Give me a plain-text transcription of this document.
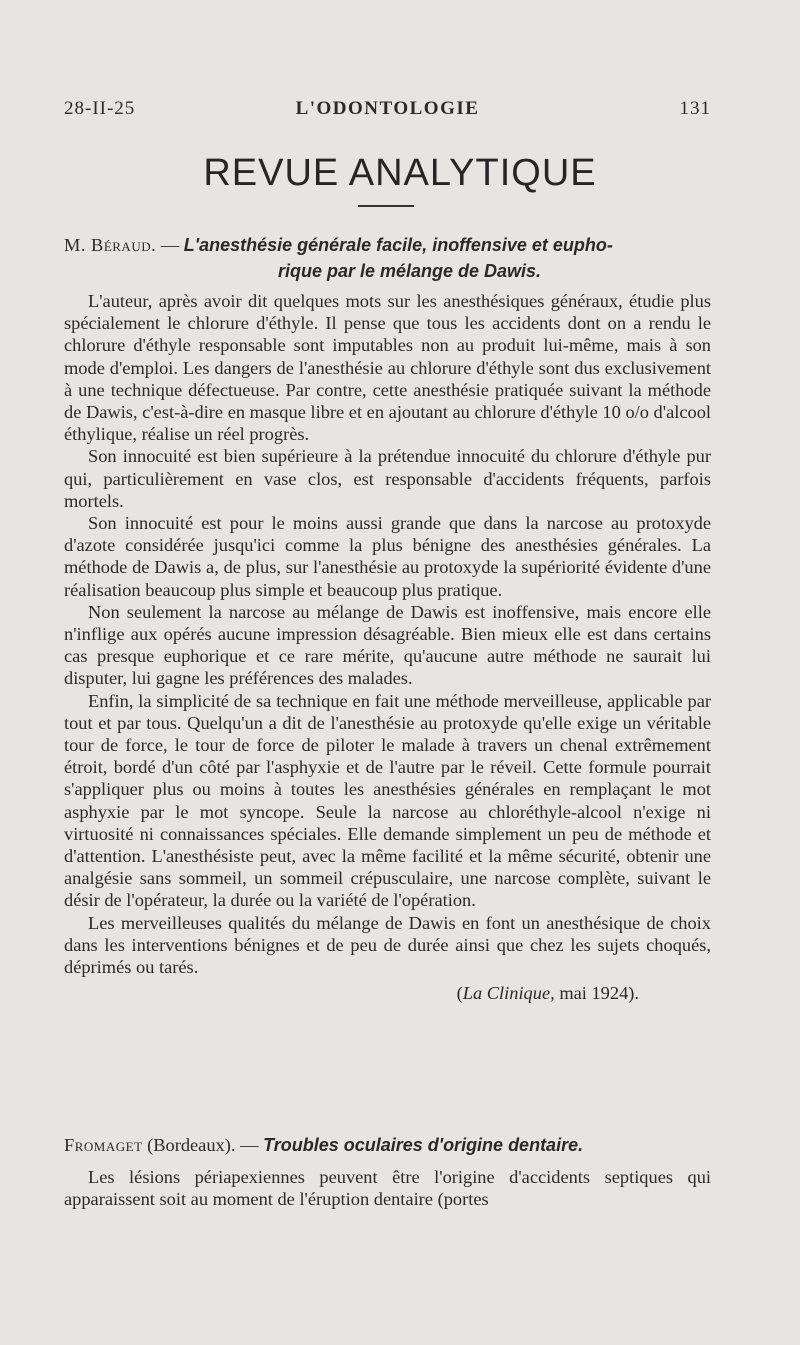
28-II-25	L'ODONTOLOGIE	131
REVUE ANALYTIQUE
M. Béraud. — L'anesthésie générale facile, inoffensive et eupho-
rique par le mélange de Dawis.

L'auteur, après avoir dit quelques mots sur les anesthésiques généraux, étudie plus spécialement le chlorure d'éthyle. Il pense que tous les accidents dont on a rendu le chlorure d'éthyle responsable sont imputables non au produit lui-même, mais à son mode d'emploi. Les dangers de l'anesthésie au chlorure d'éthyle sont dus exclusivement à une technique défectueuse. Par contre, cette anesthésie pratiquée suivant la méthode de Dawis, c'est-à-dire en masque libre et en ajoutant au chlorure d'éthyle 10 o/o d'alcool éthylique, réalise un réel progrès.

Son innocuité est bien supérieure à la prétendue innocuité du chlorure d'éthyle pur qui, particulièrement en vase clos, est responsable d'accidents fréquents, parfois mortels.

Son innocuité est pour le moins aussi grande que dans la narcose au protoxyde d'azote considérée jusqu'ici comme la plus bénigne des anesthésies générales. La méthode de Dawis a, de plus, sur l'anesthésie au protoxyde la supériorité évidente d'une réalisation beaucoup plus simple et beaucoup plus pratique.

Non seulement la narcose au mélange de Dawis est inoffensive, mais encore elle n'inflige aux opérés aucune impression désagréable. Bien mieux elle est dans certains cas presque euphorique et ce rare mérite, qu'aucune autre méthode ne saurait lui disputer, lui gagne les préférences des malades.

Enfin, la simplicité de sa technique en fait une méthode merveilleuse, applicable par tout et par tous. Quelqu'un a dit de l'anesthésie au protoxyde qu'elle exige un véritable tour de force, le tour de force de piloter le malade à travers un chenal extrêmement étroit, bordé d'un côté par l'asphyxie et de l'autre par le réveil. Cette formule pourrait s'appliquer plus ou moins à toutes les anesthésies générales en remplaçant le mot asphyxie par le mot syncope. Seule la narcose au chloréthyle-alcool n'exige ni virtuosité ni connaissances spéciales. Elle demande simplement un peu de méthode et d'attention. L'anesthésiste peut, avec la même facilité et la même sécurité, obtenir une analgésie sans sommeil, un sommeil crépusculaire, une narcose complète, suivant le désir de l'opérateur, la durée ou la variété de l'opération.

Les merveilleuses qualités du mélange de Dawis en font un anesthésique de choix dans les interventions bénignes et de peu de durée ainsi que chez les sujets choqués, déprimés ou tarés.

(La Clinique, mai 1924).

Fromaget (Bordeaux). — Troubles oculaires d'origine dentaire.

Les lésions périapexiennes peuvent être l'origine d'accidents septiques qui apparaissent soit au moment de l'éruption dentaire (portes
